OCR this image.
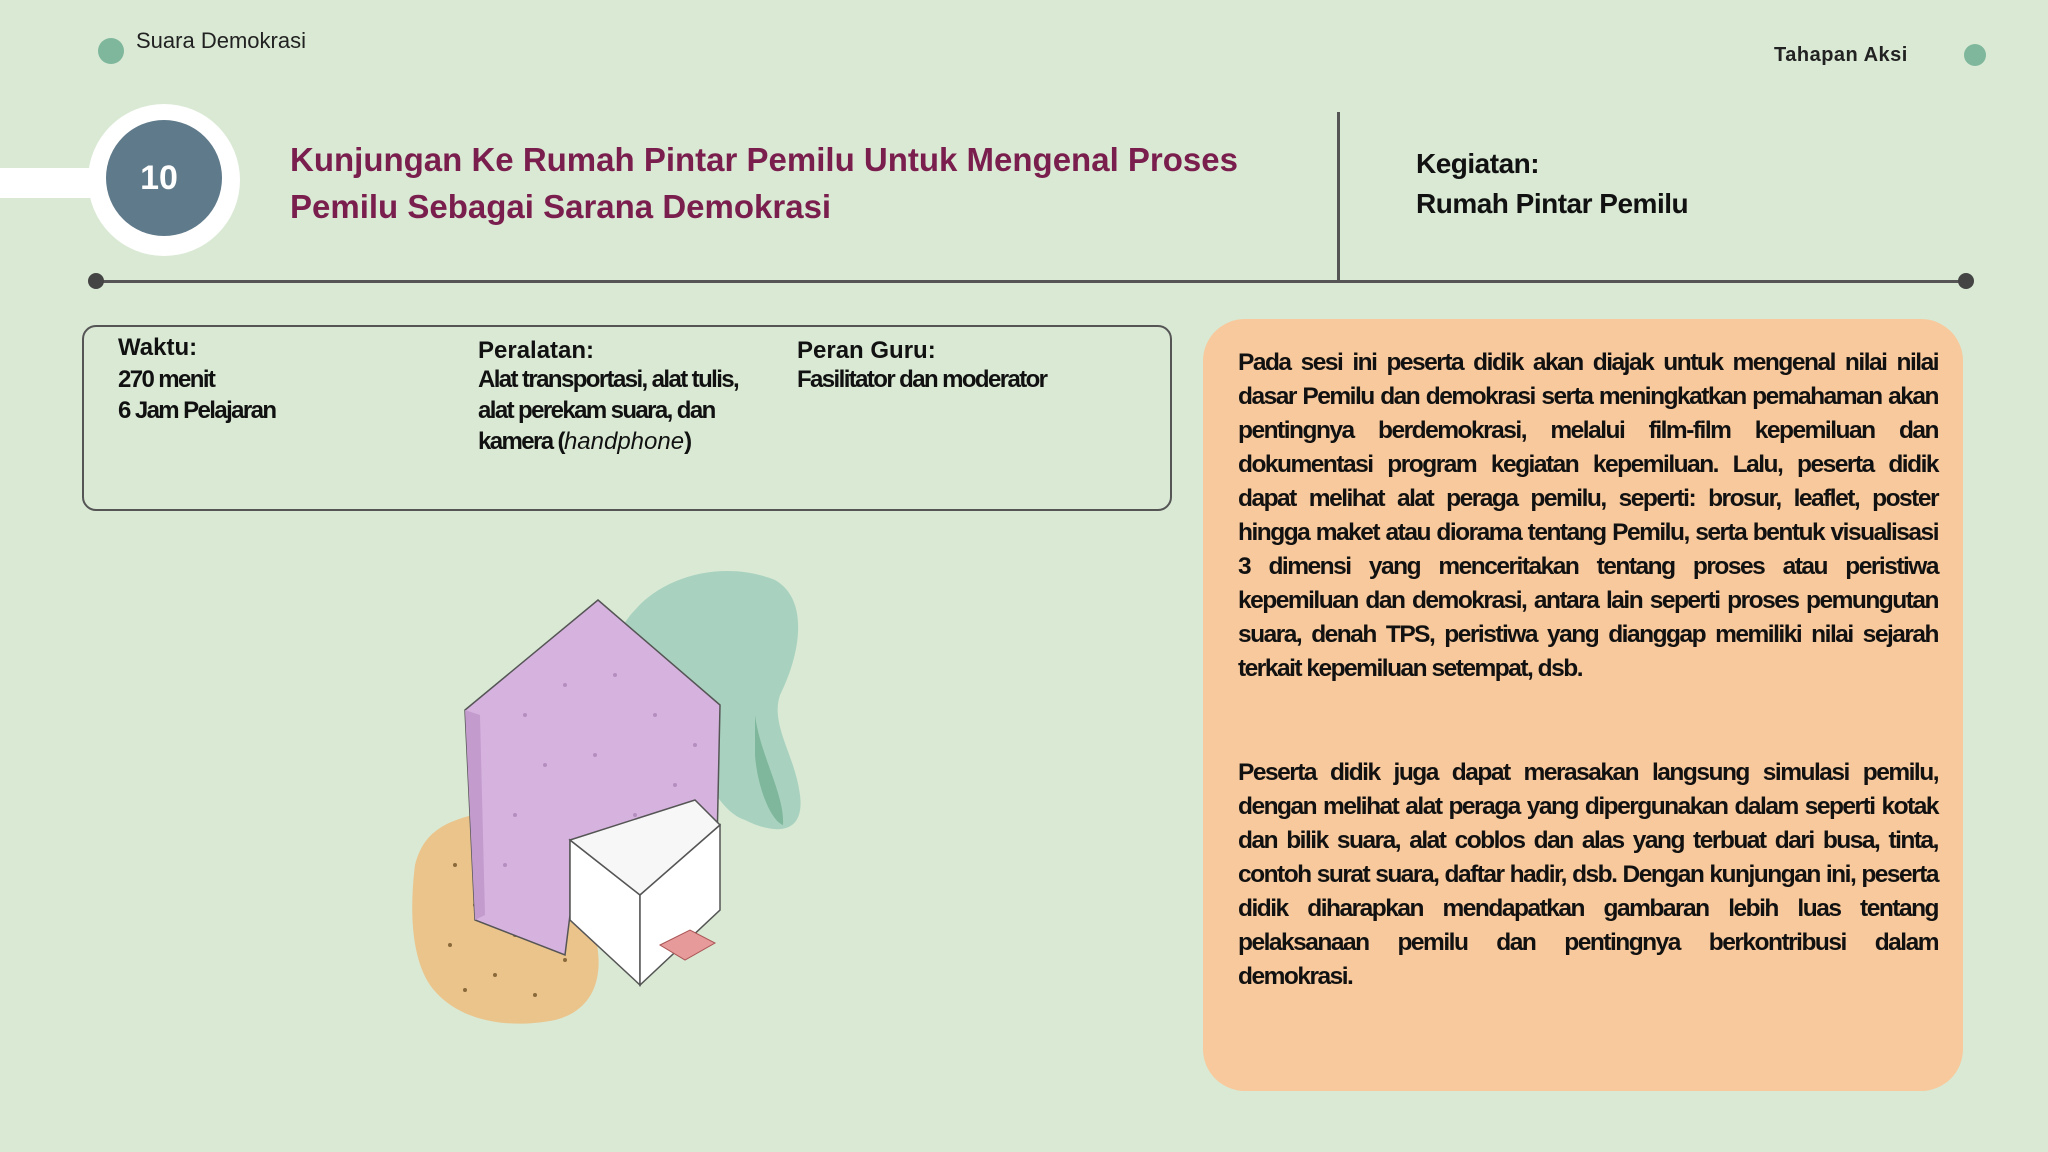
Suara Demokrasi
Tahapan Aksi
10	Kunjungan Ke Rumah Pintar Pemilu Untuk Mengenal Proses Pemilu Sebagai Sarana Demokrasi
Kegiatan:
Rumah Pintar Pemilu
Waktu:
270 menit
6 Jam Pelajaran
Peralatan:
Alat transportasi, alat tulis, alat perekam suara, dan kamera (handphone)
Peran Guru:
Fasilitator dan moderator

Pada sesi ini peserta didik akan diajak untuk mengenal nilai nilai dasar Pemilu dan demokrasi serta meningkatkan pemahaman akan pentingnya berdemokrasi, melalui film-film kepemiluan dan dokumentasi program kegiatan kepemiluan. Lalu, peserta didik dapat melihat alat peraga pemilu, seperti: brosur, leaflet, poster hingga maket atau diorama tentang Pemilu, serta bentuk visualisasi 3 dimensi yang menceritakan tentang proses atau peristiwa kepemiluan dan demokrasi, antara lain seperti proses pemungutan suara, denah TPS, peristiwa yang dianggap memiliki nilai sejarah terkait kepemiluan setempat, dsb.

Peserta didik juga dapat merasakan langsung simulasi pemilu, dengan melihat alat peraga yang dipergunakan dalam seperti kotak dan bilik suara, alat coblos dan alas yang terbuat dari busa, tinta, contoh surat suara, daftar hadir, dsb. Dengan kunjungan ini, peserta didik diharapkan mendapatkan gambaran lebih luas tentang pelaksanaan pemilu dan pentingnya berkontribusi dalam demokrasi.
